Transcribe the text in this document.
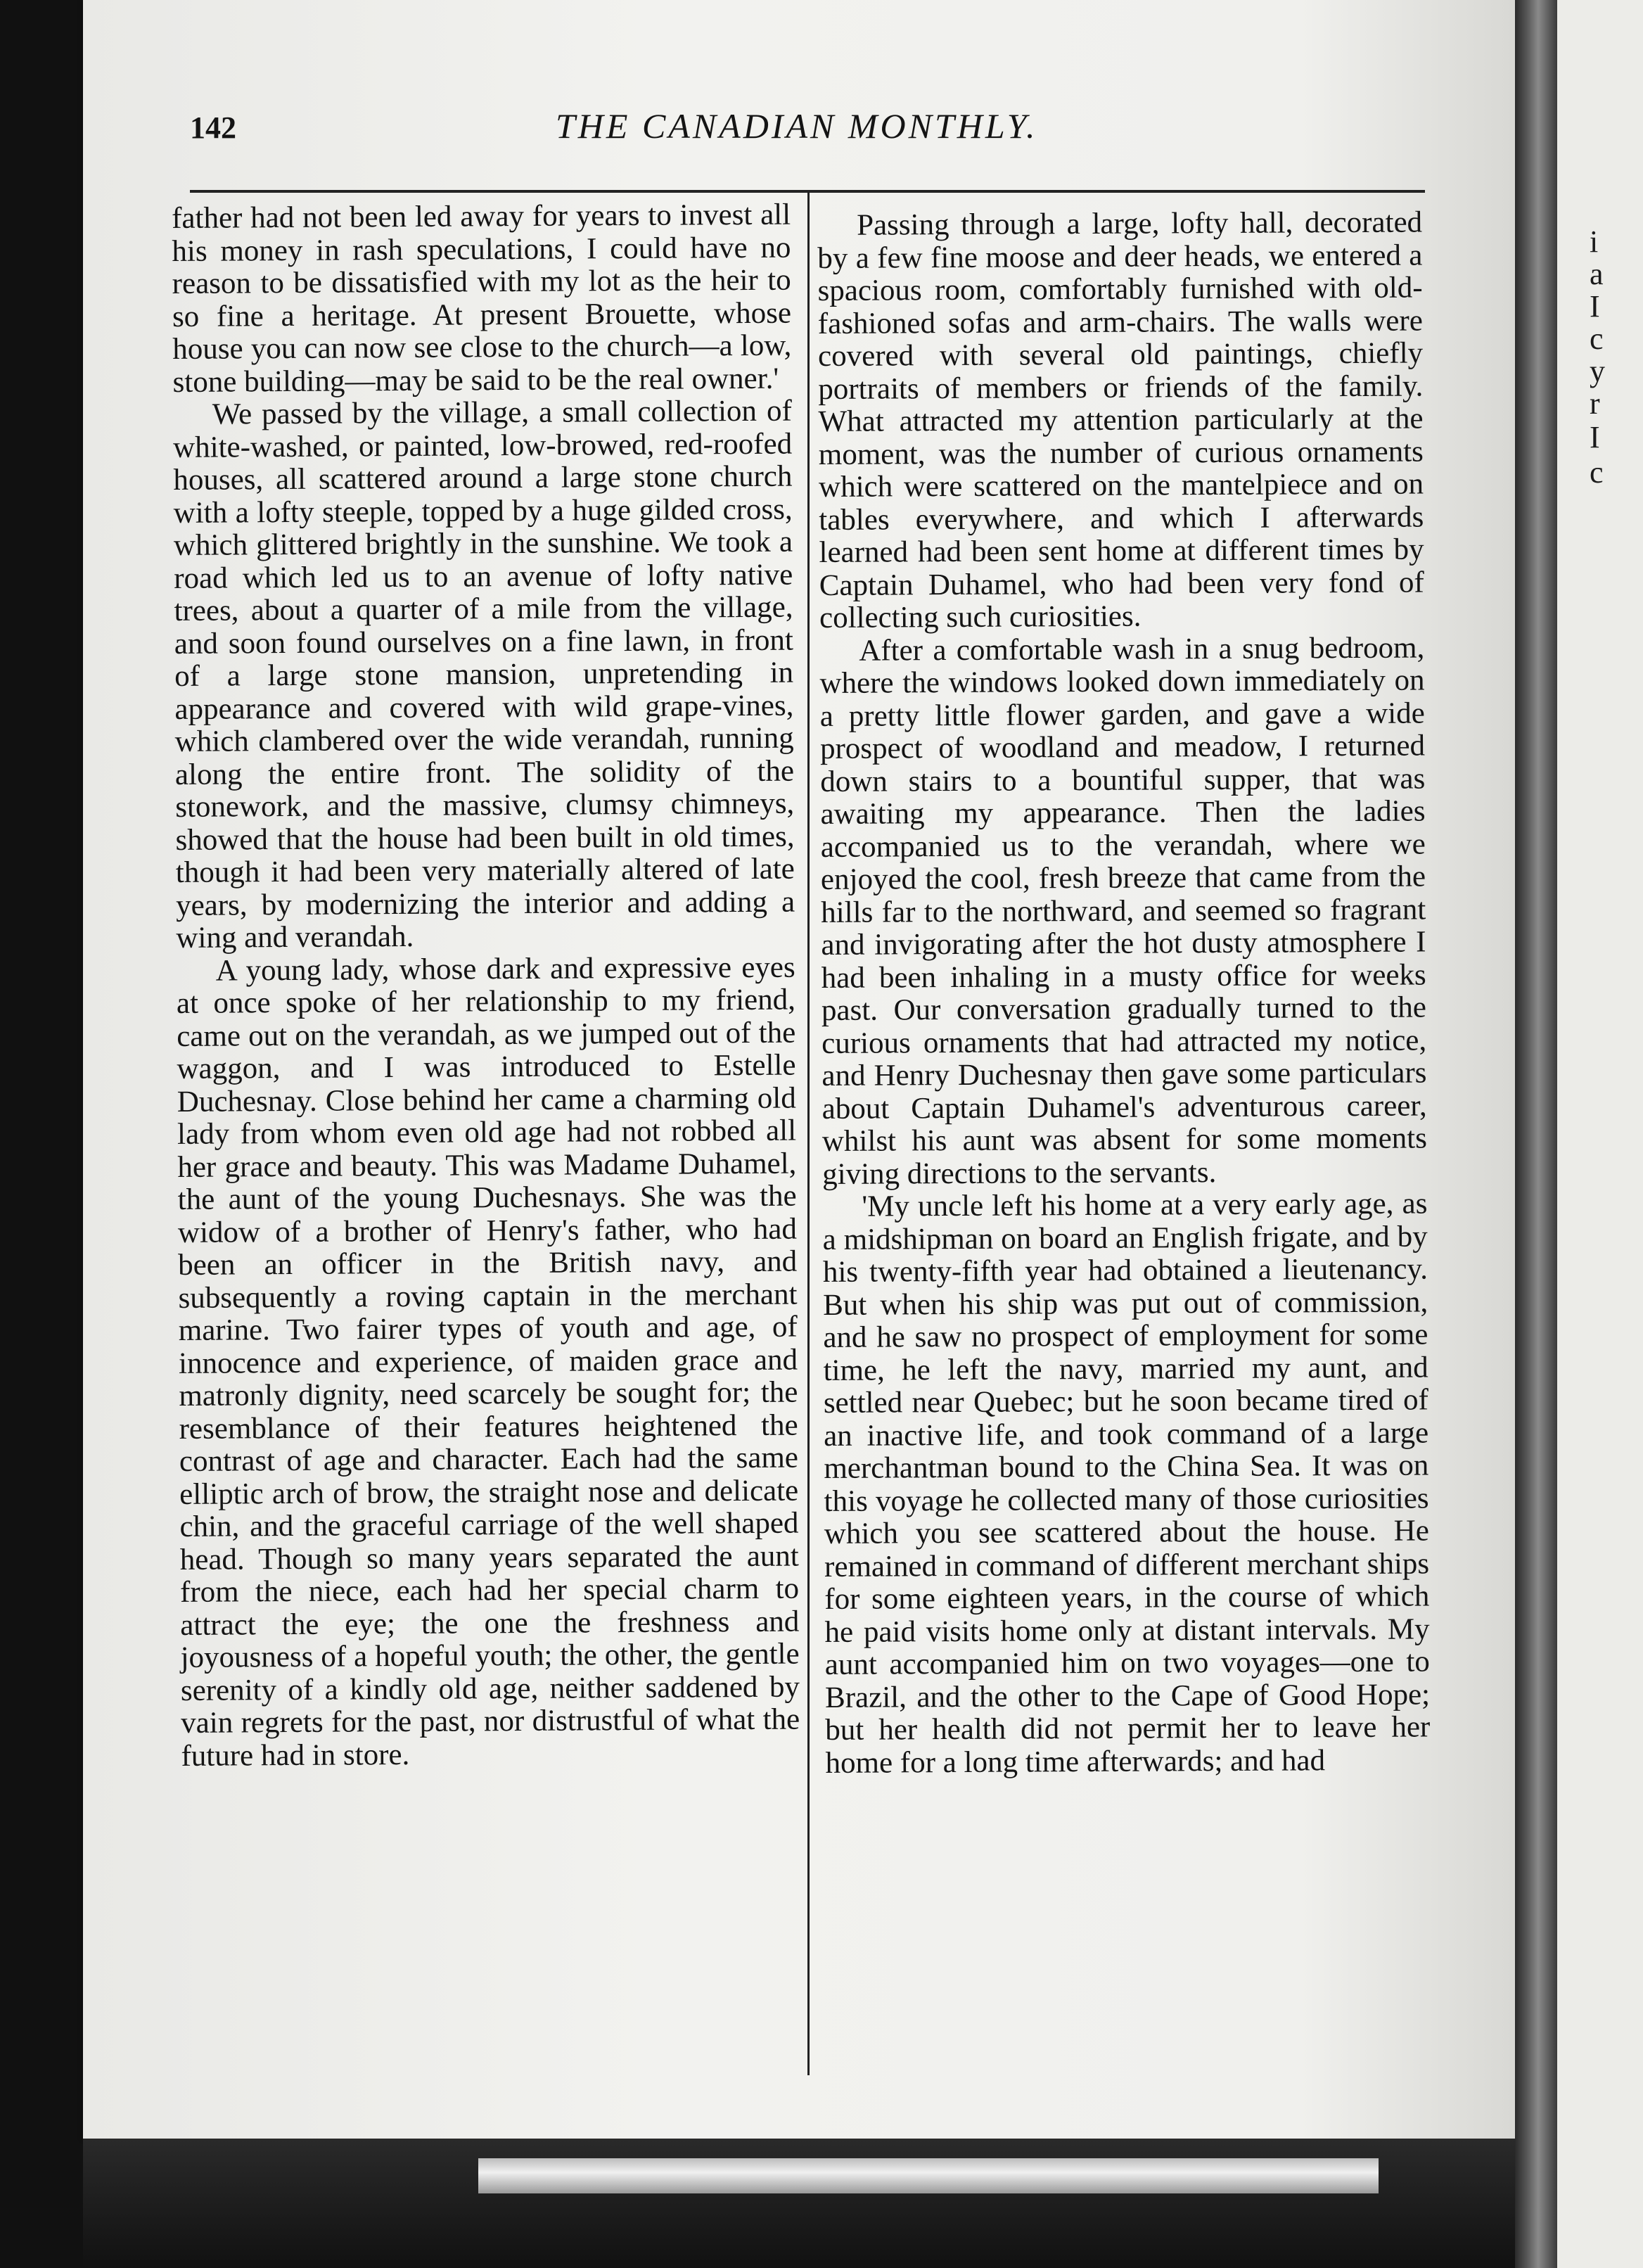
i
a
I
c
y
r
I
c
142	THE CANADIAN MONTHLY.

father had not been led away for years to invest all his money in rash speculations, I could have no reason to be dissatisfied with my lot as the heir to so fine a heritage. At present Brouette, whose house you can now see close to the church—a low, stone building—may be said to be the real owner.'

We passed by the village, a small collection of white-washed, or painted, low-browed, red-roofed houses, all scattered around a large stone church with a lofty steeple, topped by a huge gilded cross, which glittered brightly in the sunshine. We took a road which led us to an avenue of lofty native trees, about a quarter of a mile from the village, and soon found ourselves on a fine lawn, in front of a large stone mansion, unpretending in appearance and covered with wild grape-vines, which clambered over the wide verandah, running along the entire front. The solidity of the stonework, and the massive, clumsy chimneys, showed that the house had been built in old times, though it had been very materially altered of late years, by modernizing the interior and adding a wing and verandah.

A young lady, whose dark and expressive eyes at once spoke of her relationship to my friend, came out on the verandah, as we jumped out of the waggon, and I was introduced to Estelle Duchesnay. Close behind her came a charming old lady from whom even old age had not robbed all her grace and beauty. This was Madame Duhamel, the aunt of the young Duchesnays. She was the widow of a brother of Henry's father, who had been an officer in the British navy, and subsequently a roving captain in the merchant marine. Two fairer types of youth and age, of innocence and experience, of maiden grace and matronly dignity, need scarcely be sought for; the resemblance of their features heightened the contrast of age and character. Each had the same elliptic arch of brow, the straight nose and delicate chin, and the graceful carriage of the well shaped head. Though so many years separated the aunt from the niece, each had her special charm to attract the eye; the one the freshness and joyousness of a hopeful youth; the other, the gentle serenity of a kindly old age, neither saddened by vain regrets for the past, nor distrustful of what the future had in store.

Passing through a large, lofty hall, decorated by a few fine moose and deer heads, we entered a spacious room, comfortably furnished with old-fashioned sofas and arm-chairs. The walls were covered with several old paintings, chiefly portraits of members or friends of the family. What attracted my attention particularly at the moment, was the number of curious ornaments which were scattered on the mantelpiece and on tables everywhere, and which I afterwards learned had been sent home at different times by Captain Duhamel, who had been very fond of collecting such curiosities.

After a comfortable wash in a snug bedroom, where the windows looked down immediately on a pretty little flower garden, and gave a wide prospect of woodland and meadow, I returned down stairs to a bountiful supper, that was awaiting my appearance. Then the ladies accompanied us to the verandah, where we enjoyed the cool, fresh breeze that came from the hills far to the northward, and seemed so fragrant and invigorating after the hot dusty atmosphere I had been inhaling in a musty office for weeks past. Our conversation gradually turned to the curious ornaments that had attracted my notice, and Henry Duchesnay then gave some particulars about Captain Duhamel's adventurous career, whilst his aunt was absent for some moments giving directions to the servants.

'My uncle left his home at a very early age, as a midshipman on board an English frigate, and by his twenty-fifth year had obtained a lieutenancy. But when his ship was put out of commission, and he saw no prospect of employment for some time, he left the navy, married my aunt, and settled near Quebec; but he soon became tired of an inactive life, and took command of a large merchantman bound to the China Sea. It was on this voyage he collected many of those curiosities which you see scattered about the house. He remained in command of different merchant ships for some eighteen years, in the course of which he paid visits home only at distant intervals. My aunt accompanied him on two voyages—one to Brazil, and the other to the Cape of Good Hope; but her health did not permit her to leave her home for a long time afterwards; and had
